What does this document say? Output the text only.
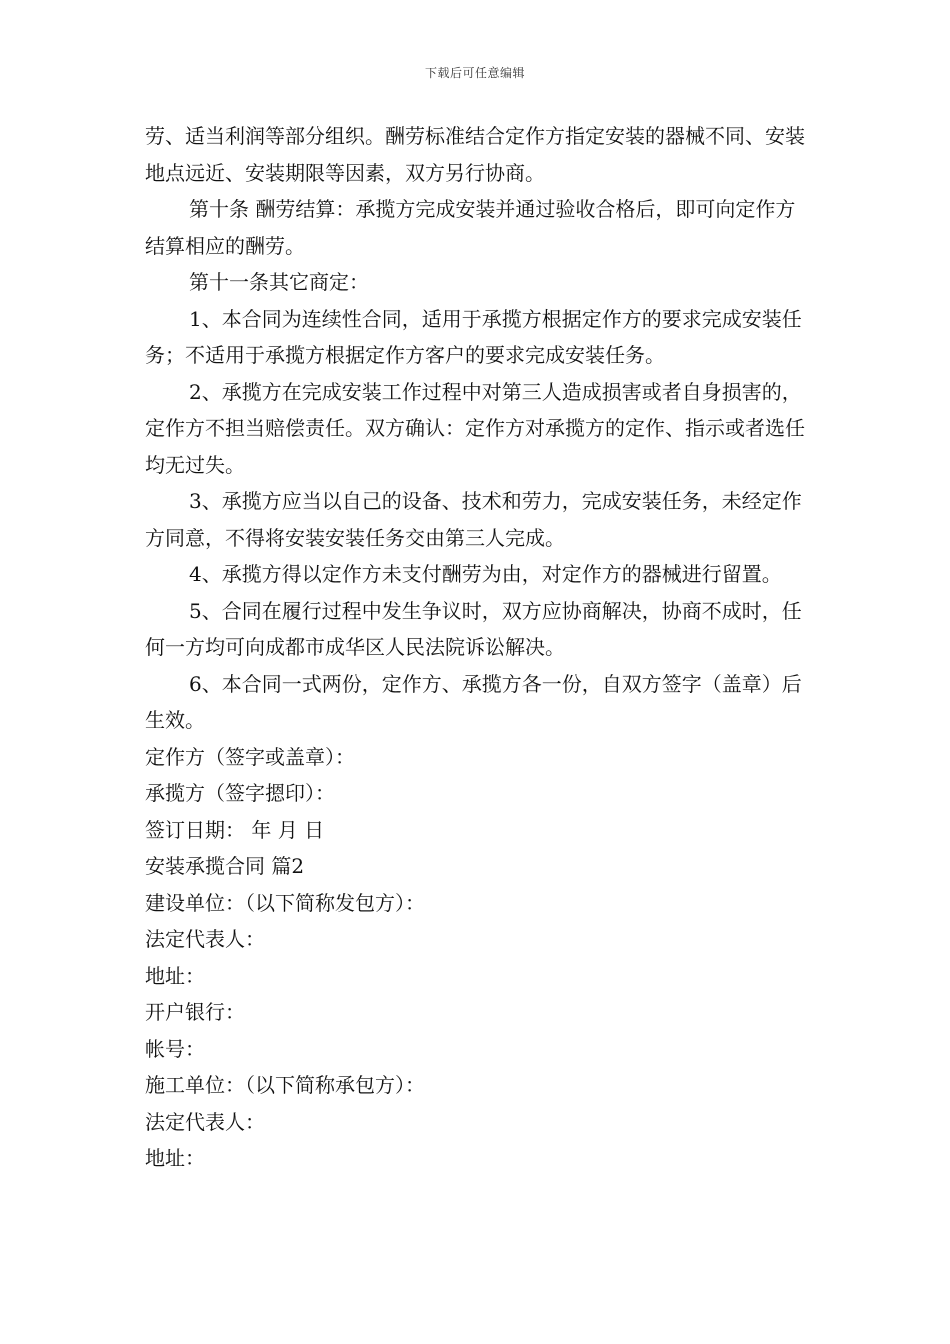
下载后可任意编辑

劳、适当利润等部分组织。酬劳标准结合定作方指定安装的器械不同、安装地点远近、安装期限等因素，双方另行协商。

第十条 酬劳结算：承揽方完成安装并通过验收合格后，即可向定作方结算相应的酬劳。

第十一条其它商定：

1、本合同为连续性合同，适用于承揽方根据定作方的要求完成安装任务；不适用于承揽方根据定作方客户的要求完成安装任务。

2、承揽方在完成安装工作过程中对第三人造成损害或者自身损害的，定作方不担当赔偿责任。双方确认：定作方对承揽方的定作、指示或者选任均无过失。

3、承揽方应当以自己的设备、技术和劳力，完成安装任务，未经定作方同意，不得将安装安装任务交由第三人完成。

4、承揽方得以定作方未支付酬劳为由，对定作方的器械进行留置。

5、合同在履行过程中发生争议时，双方应协商解决，协商不成时，任何一方均可向成都市成华区人民法院诉讼解决。

6、本合同一式两份，定作方、承揽方各一份，自双方签字（盖章）后生效。

定作方（签字或盖章）：

承揽方（签字摁印）：

签订日期： 年 月 日

安装承揽合同 篇2

建设单位：（以下简称发包方）：

法定代表人：

地址：

开户银行：

帐号：

施工单位：（以下简称承包方）：

法定代表人：

地址：
